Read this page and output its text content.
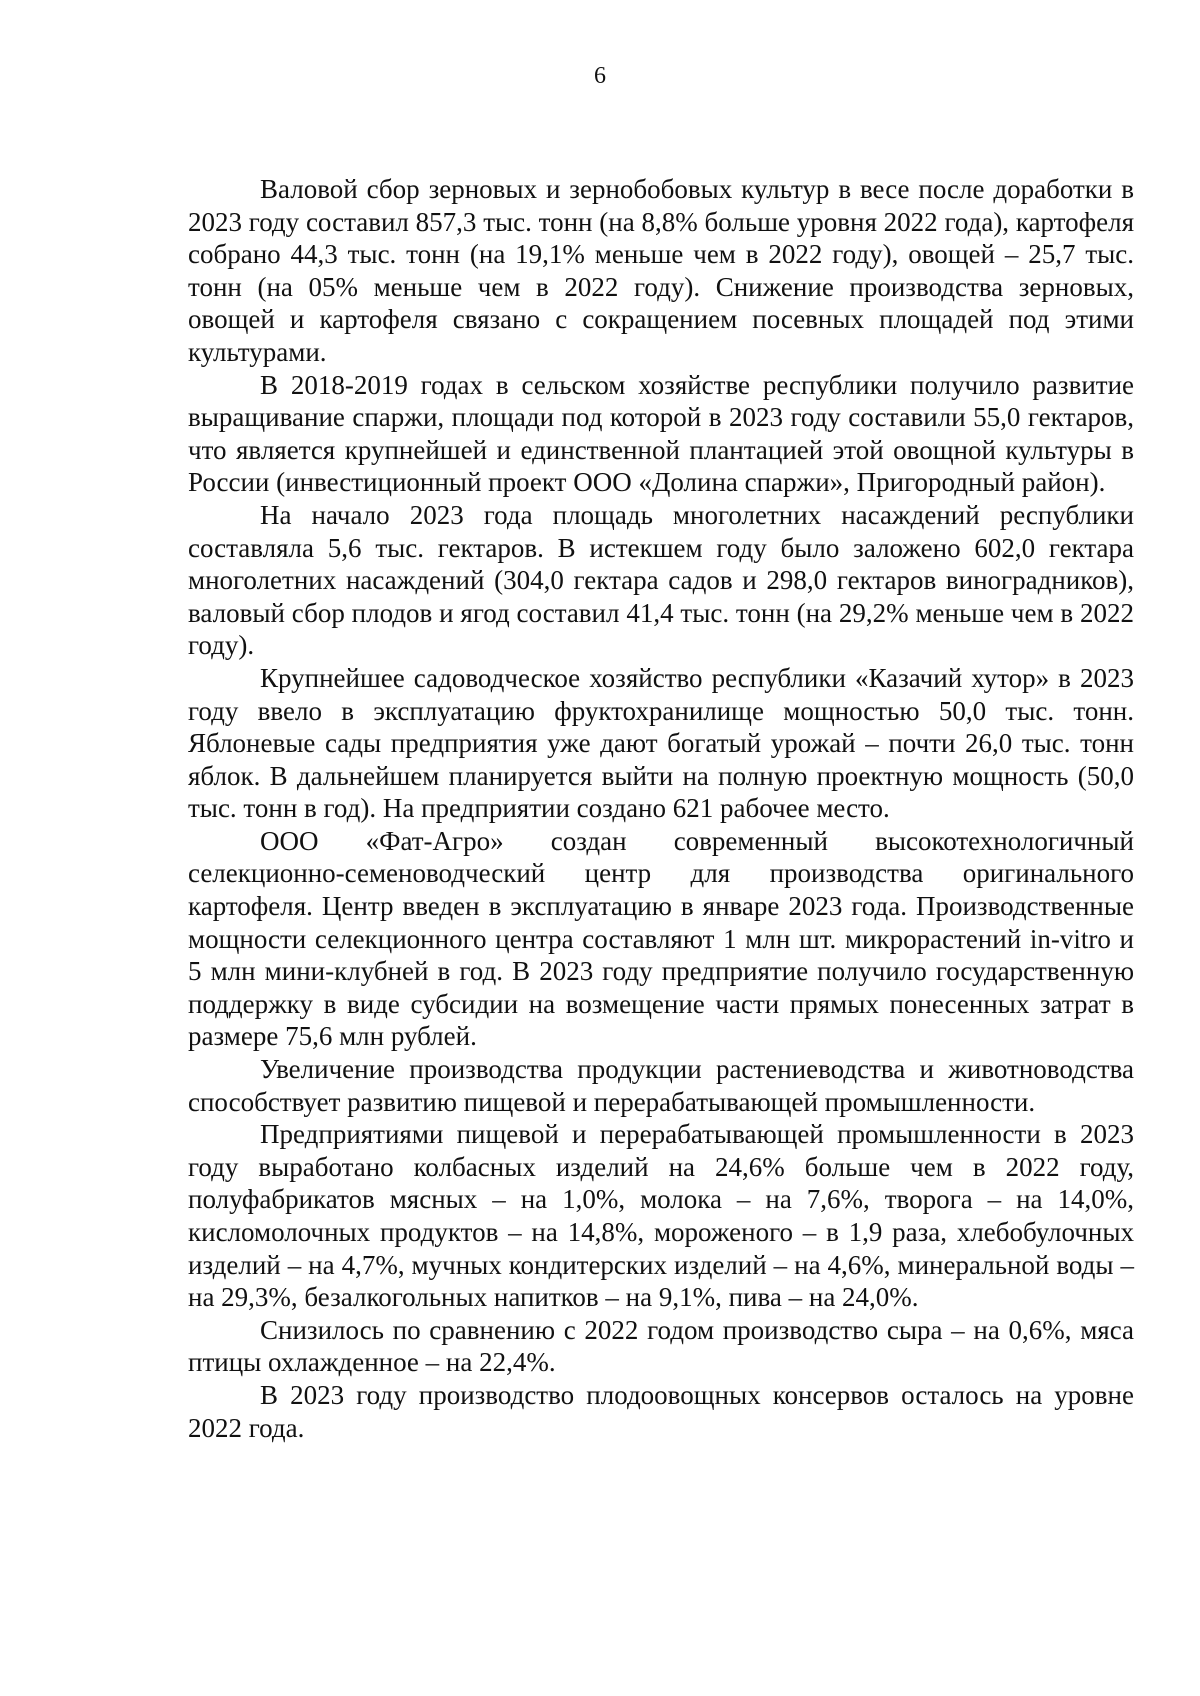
6

Валовой сбор зерновых и зернобобовых культур в весе после доработки в 2023 году составил 857,3 тыс. тонн (на 8,8% больше уровня 2022 года), картофеля собрано 44,3 тыс. тонн (на 19,1% меньше чем в 2022 году), овощей – 25,7 тыс. тонн (на 05% меньше чем в 2022 году). Снижение производства зерновых, овощей и картофеля связано с сокращением посевных площадей под этими культурами.

В 2018-2019 годах в сельском хозяйстве республики получило развитие выращивание спаржи, площади под которой в 2023 году составили 55,0 гектаров, что является крупнейшей и единственной плантацией этой овощной культуры в России (инвестиционный проект ООО «Долина спаржи», Пригородный район).

На начало 2023 года площадь многолетних насаждений республики составляла 5,6 тыс. гектаров. В истекшем году было заложено 602,0 гектара многолетних насаждений (304,0 гектара садов и 298,0 гектаров виноградников), валовый сбор плодов и ягод составил 41,4 тыс. тонн (на 29,2% меньше чем в 2022 году).

Крупнейшее садоводческое хозяйство республики «Казачий хутор» в 2023 году ввело в эксплуатацию фруктохранилище мощностью 50,0 тыс. тонн. Яблоневые сады предприятия уже дают богатый урожай – почти 26,0 тыс. тонн яблок. В дальнейшем планируется выйти на полную проектную мощность (50,0 тыс. тонн в год). На предприятии создано 621 рабочее место.

ООО «Фат-Агро» создан современный высокотехнологичный селекционно-семеноводческий центр для производства оригинального картофеля. Центр введен в эксплуатацию в январе 2023 года. Производственные мощности селекционного центра составляют 1 млн шт. микрорастений in-vitro и 5 млн мини-клубней в год. В 2023 году предприятие получило государственную поддержку в виде субсидии на возмещение части прямых понесенных затрат в размере 75,6 млн рублей.

Увеличение производства продукции растениеводства и животноводства способствует развитию пищевой и перерабатывающей промышленности.

Предприятиями пищевой и перерабатывающей промышленности в 2023 году выработано колбасных изделий на 24,6% больше чем в 2022 году, полуфабрикатов мясных – на 1,0%, молока – на 7,6%, творога – на 14,0%, кисломолочных продуктов – на 14,8%, мороженого – в 1,9 раза, хлебобулочных изделий – на 4,7%, мучных кондитерских изделий – на 4,6%, минеральной воды – на 29,3%, безалкогольных напитков – на 9,1%, пива – на 24,0%.

Снизилось по сравнению с 2022 годом производство сыра – на 0,6%, мяса птицы охлажденное – на 22,4%.

В 2023 году производство плодоовощных консервов осталось на уровне 2022 года.
